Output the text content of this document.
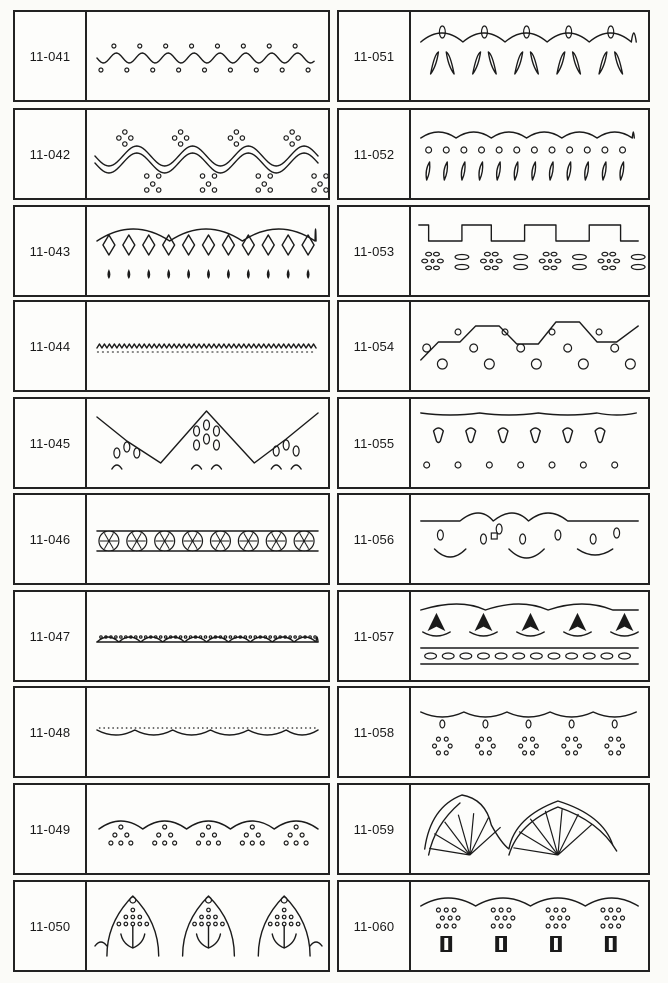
11-041
11-042
11-043
11-044
11-045
11-046
11-047
11-048
11-049
11-050
11-051
11-052
11-053
11-054
11-055
11-056
11-057
11-058
11-059
11-060
